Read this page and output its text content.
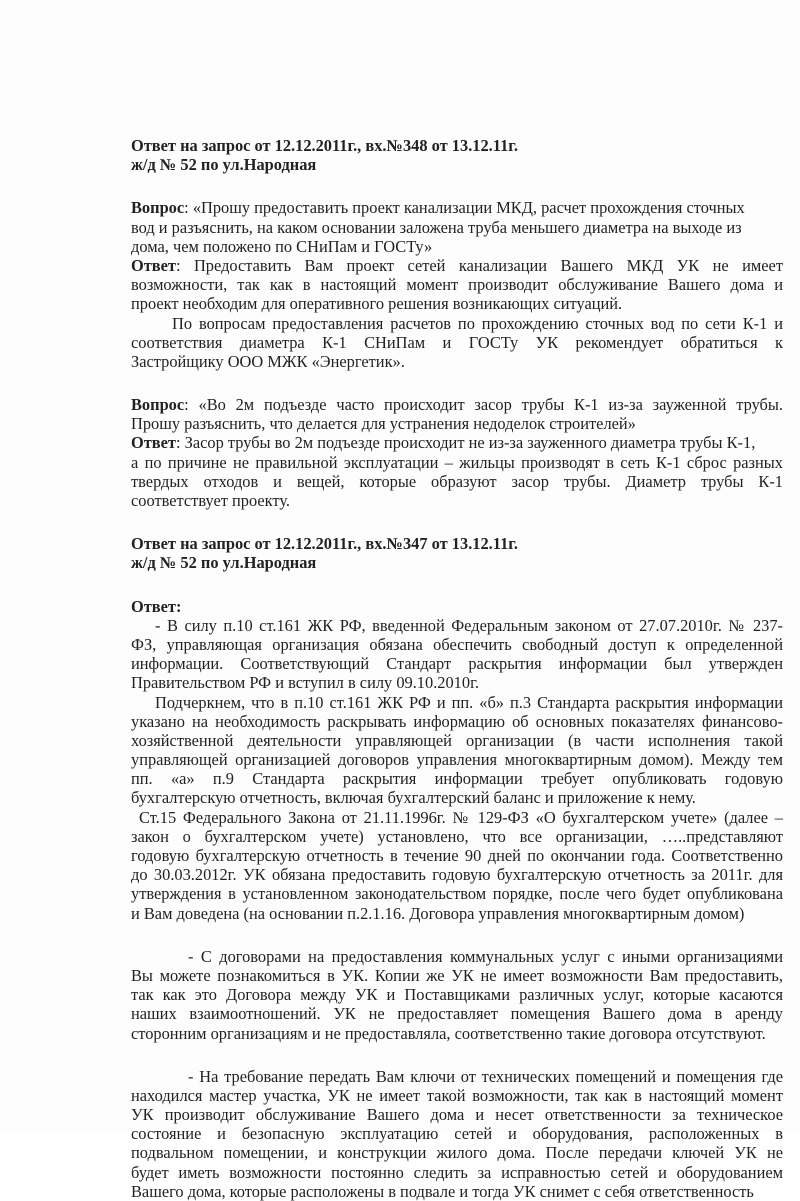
Ответ на запрос от 12.12.2011г., вх.№348 от 13.12.11г.
ж/д № 52 по ул.Народная
Вопрос: «Прошу предоставить проект канализации МКД, расчет прохождения сточных
вод и разъяснить, на каком основании заложена труба меньшего диаметра на выходе из
дома, чем положено по СНиПам и ГОСТу»
Ответ: Предоставить Вам проект сетей канализации Вашего МКД УК не имеет
возможности, так как в настоящий момент производит обслуживание Вашего дома и
проект необходим для оперативного решения возникающих ситуаций.
По вопросам предоставления расчетов по прохождению сточных вод по сети К-1 и
соответствия диаметра К-1 СНиПам и ГОСТу УК рекомендует обратиться к
Застройщику ООО МЖК «Энергетик».
Вопрос: «Во 2м подъезде часто происходит засор трубы К-1 из-за зауженной трубы.
Прошу разъяснить, что делается для устранения недоделок строителей»
Ответ: Засор трубы во 2м подъезде происходит не из-за зауженного диаметра трубы К-1,
а по причине не правильной эксплуатации – жильцы производят в сеть К-1 сброс разных
твердых отходов и вещей, которые образуют засор трубы. Диаметр трубы К-1
соответствует проекту.
Ответ на запрос от 12.12.2011г., вх.№347 от 13.12.11г.
ж/д № 52 по ул.Народная
Ответ:
- В силу п.10 ст.161 ЖК РФ, введенной Федеральным законом от 27.07.2010г. № 237-
ФЗ, управляющая организация обязана обеспечить свободный доступ к определенной
информации. Соответствующий Стандарт раскрытия информации был утвержден
Правительством РФ и вступил в силу 09.10.2010г.
Подчеркнем, что в п.10 ст.161 ЖК РФ и пп. «б» п.3 Стандарта раскрытия информации
указано на необходимость раскрывать информацию об основных показателях финансово-
хозяйственной деятельности управляющей организации (в части исполнения такой
управляющей организацией договоров управления многоквартирным домом). Между тем
пп. «а» п.9 Стандарта раскрытия информации требует опубликовать годовую
бухгалтерскую отчетность, включая бухгалтерский баланс и приложение к нему.
Ст.15 Федерального Закона от 21.11.1996г. № 129-ФЗ «О бухгалтерском учете» (далее –
закон о бухгалтерском учете) установлено, что все организации, …..представляют
годовую бухгалтерскую отчетность в течение 90 дней по окончании года. Соответственно
до 30.03.2012г. УК обязана предоставить годовую бухгалтерскую отчетность за 2011г. для
утверждения в установленном законодательством порядке, после чего будет опубликована
и Вам доведена (на основании п.2.1.16. Договора управления многоквартирным домом)
- С договорами на предоставления коммунальных услуг с иными организациями
Вы можете познакомиться в УК. Копии же УК не имеет возможности Вам предоставить,
так как это Договора между УК и Поставщиками различных услуг, которые касаются
наших взаимоотношений. УК не предоставляет помещения Вашего дома в аренду
сторонним организациям и не предоставляла, соответственно такие договора отсутствуют.
- На требование передать Вам ключи от технических помещений и помещения где
находился мастер участка, УК не имеет такой возможности, так как в настоящий момент
УК производит обслуживание Вашего дома и несет ответственности за техническое
состояние и безопасную эксплуатацию сетей и оборудования, расположенных в
подвальном помещении, и конструкции жилого дома. После передачи ключей УК не
будет иметь возможности постоянно следить за исправностью сетей и оборудованием
Вашего дома, которые расположены в подвале и тогда УК снимет с себя ответственность
